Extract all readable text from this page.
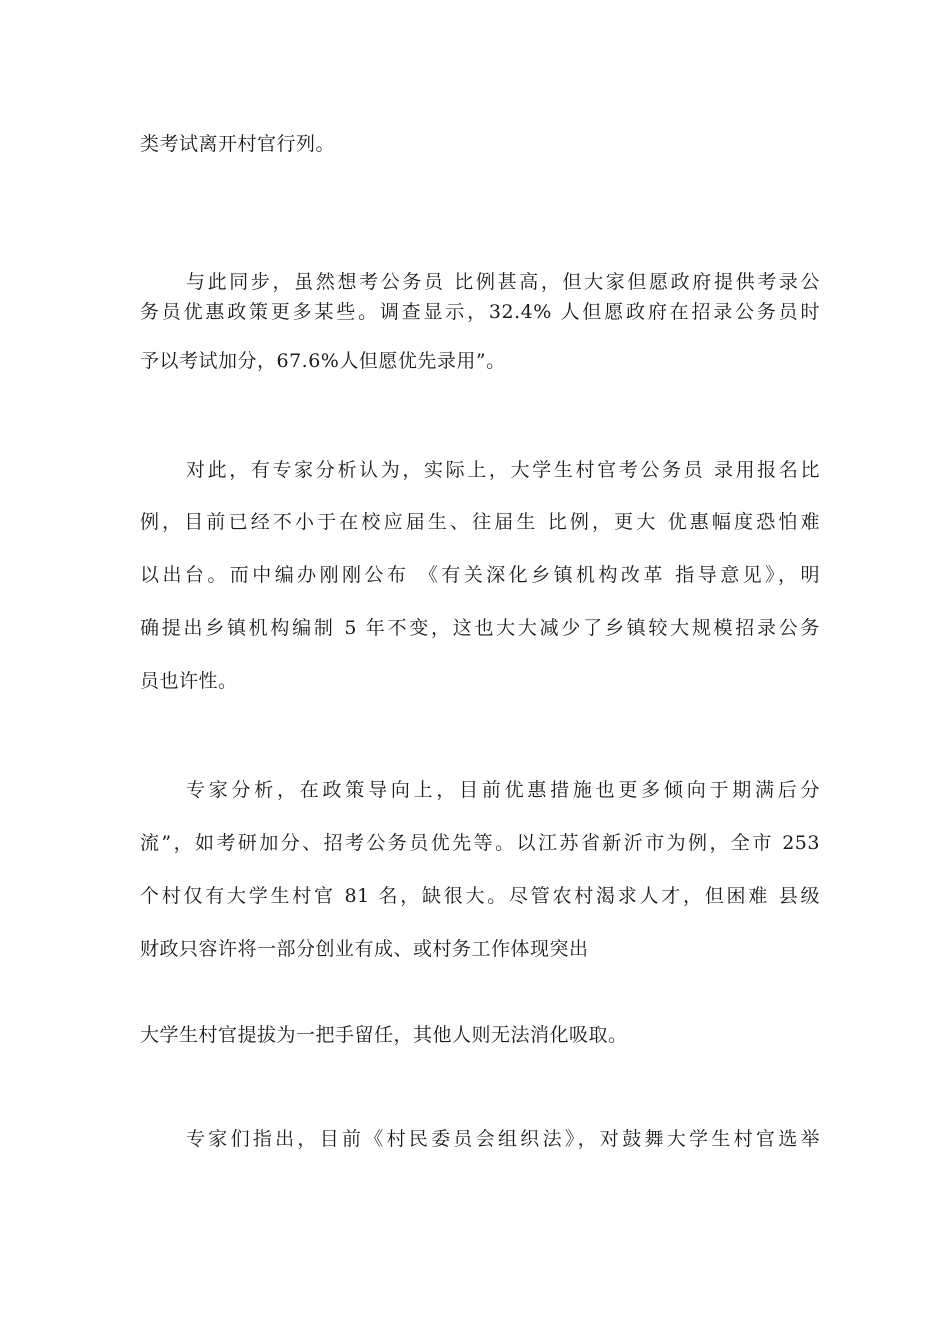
类考试离开村官行列。
与此同步，虽然想考公务员 比例甚高，但大家但愿政府提供考录公
务员优惠政策更多某些。调查显示，32.4% 人但愿政府在招录公务员时
予以考试加分，67.6%人但愿优先录用”。
对此，有专家分析认为，实际上，大学生村官考公务员 录用报名比
例，目前已经不小于在校应届生、往届生 比例，更大 优惠幅度恐怕难
以出台。而中编办刚刚公布 《有关深化乡镇机构改革 指导意见》，明
确提出乡镇机构编制 5 年不变，这也大大减少了乡镇较大规模招录公务
员也许性。
专家分析，在政策导向上，目前优惠措施也更多倾向于期满后分
流”，如考研加分、招考公务员优先等。以江苏省新沂市为例，全市 253
个村仅有大学生村官 81 名，缺很大。尽管农村渴求人才，但困难 县级
财政只容许将一部分创业有成、或村务工作体现突出
大学生村官提拔为一把手留任，其他人则无法消化吸取。
专家们指出，目前《村民委员会组织法》，对鼓舞大学生村官选举
